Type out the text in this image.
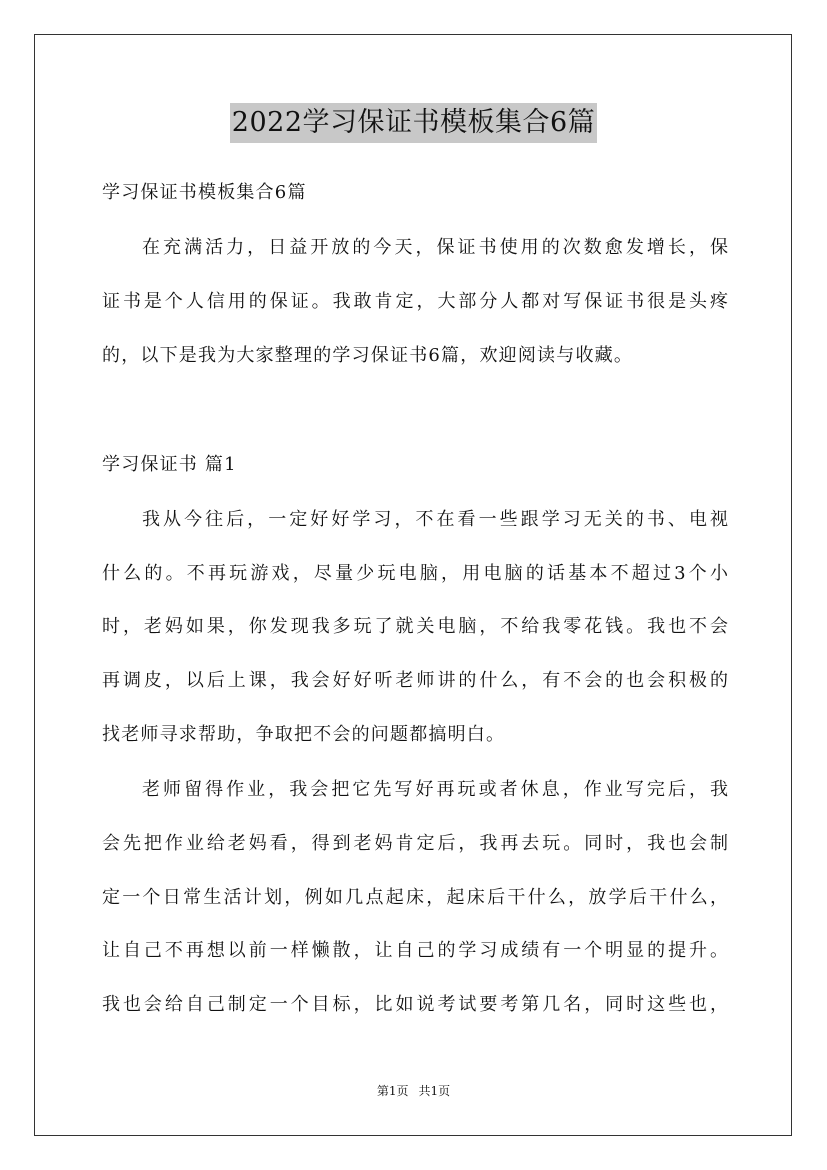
2022学习保证书模板集合6篇
学习保证书模板集合6篇
在充满活力，日益开放的今天，保证书使用的次数愈发增长，保
证书是个人信用的保证。我敢肯定，大部分人都对写保证书很是头疼
的，以下是我为大家整理的学习保证书6篇，欢迎阅读与收藏。
学习保证书 篇1
我从今往后，一定好好学习，不在看一些跟学习无关的书、电视
什么的。不再玩游戏，尽量少玩电脑，用电脑的话基本不超过3个小
时，老妈如果，你发现我多玩了就关电脑，不给我零花钱。我也不会
再调皮，以后上课，我会好好听老师讲的什么，有不会的也会积极的
找老师寻求帮助，争取把不会的问题都搞明白。
老师留得作业，我会把它先写好再玩或者休息，作业写完后，我
会先把作业给老妈看，得到老妈肯定后，我再去玩。同时，我也会制
定一个日常生活计划，例如几点起床，起床后干什么，放学后干什么，
让自己不再想以前一样懒散，让自己的学习成绩有一个明显的提升。
我也会给自己制定一个目标，比如说考试要考第几名，同时这些也，
第1页 共1页
